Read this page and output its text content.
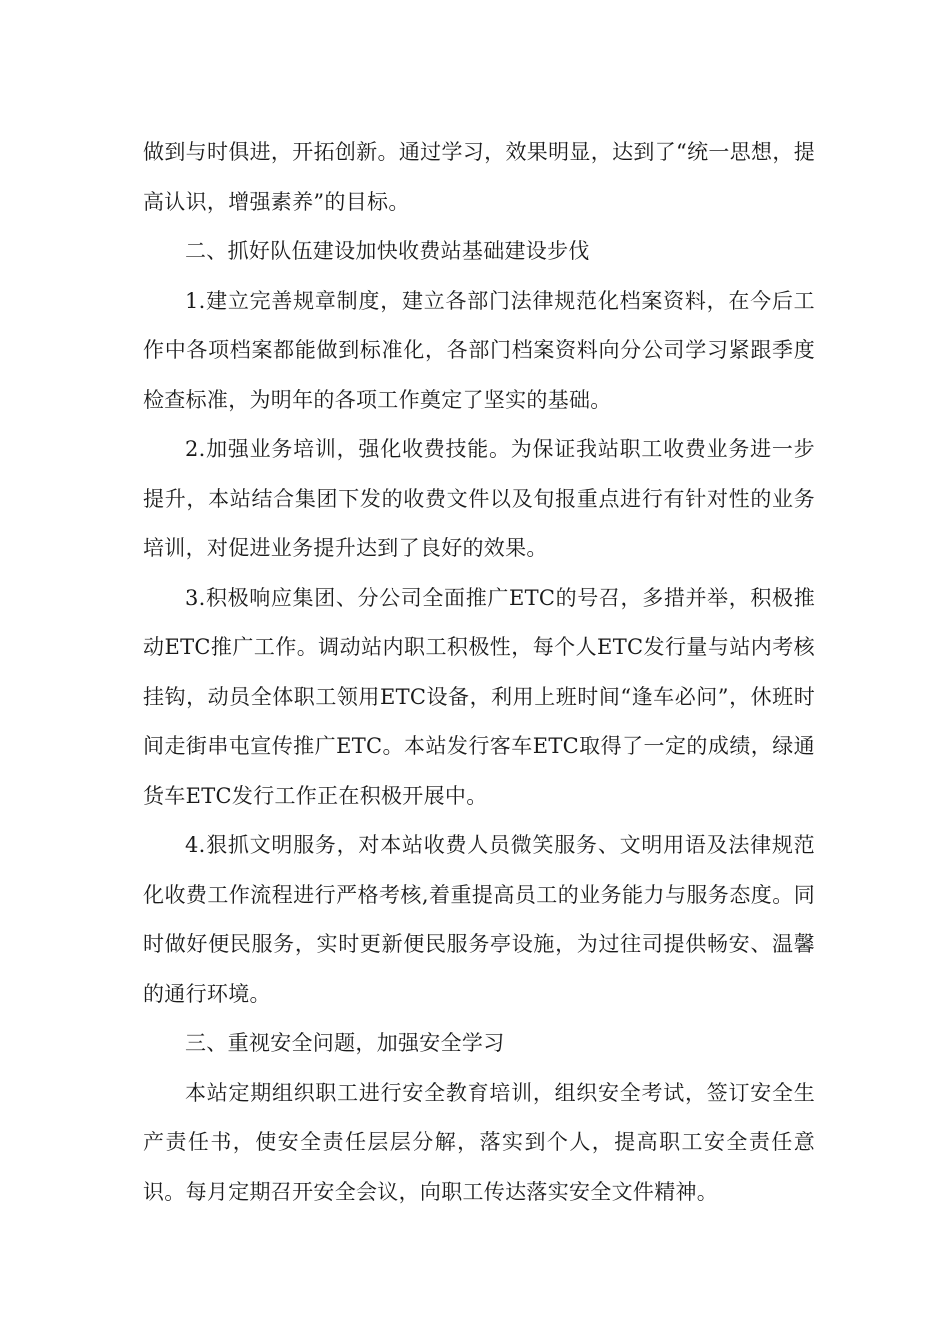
做到与时俱进，开拓创新。通过学习，效果明显，达到了“统一思想，提高认识，增强素养”的目标。

二、抓好队伍建设加快收费站基础建设步伐

1.建立完善规章制度，建立各部门法律规范化档案资料，在今后工作中各项档案都能做到标准化，各部门档案资料向分公司学习紧跟季度检查标准，为明年的各项工作奠定了坚实的基础。

2.加强业务培训，强化收费技能。为保证我站职工收费业务进一步提升，本站结合集团下发的收费文件以及旬报重点进行有针对性的业务培训，对促进业务提升达到了良好的效果。

3.积极响应集团、分公司全面推广ETC的号召，多措并举，积极推动ETC推广工作。调动站内职工积极性，每个人ETC发行量与站内考核挂钩，动员全体职工领用ETC设备，利用上班时间“逢车必问”，休班时间走街串屯宣传推广ETC。本站发行客车ETC取得了一定的成绩，绿通货车ETC发行工作正在积极开展中。

4.狠抓文明服务，对本站收费人员微笑服务、文明用语及法律规范化收费工作流程进行严格考核,着重提高员工的业务能力与服务态度。同时做好便民服务，实时更新便民服务亭设施，为过往司提供畅安、温馨的通行环境。

三、重视安全问题，加强安全学习

本站定期组织职工进行安全教育培训，组织安全考试，签订安全生产责任书，使安全责任层层分解，落实到个人，提高职工安全责任意识。每月定期召开安全会议，向职工传达落实安全文件精神。
